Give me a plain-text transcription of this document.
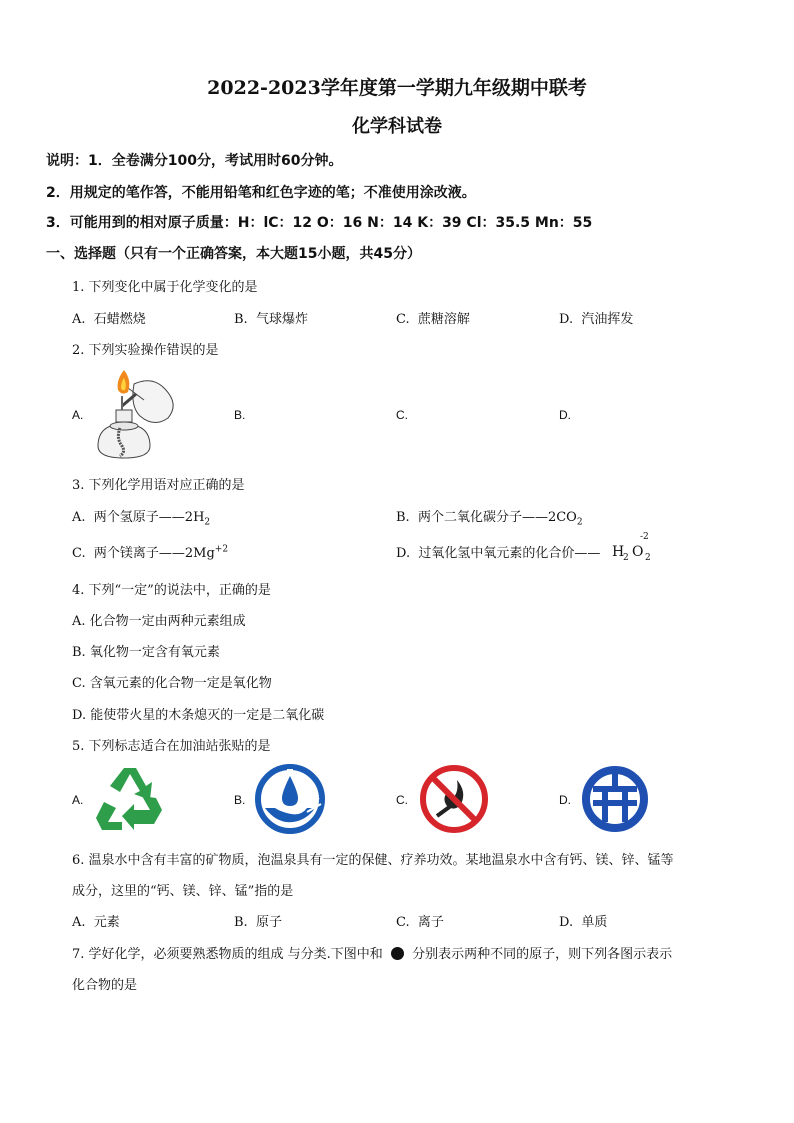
2022-2023学年度第一学期九年级期中联考
化学科试卷
说明：1．全卷满分100分，考试用时60分钟。
2．用规定的笔作答，不能用铅笔和红色字迹的笔；不准使用涂改液。
3．可能用到的相对原子质量：H：lC：12 O：16 N：14 K：39 Cl：35.5 Mn：55
一、选择题（只有一个正确答案，本大题15小题，共45分）
1. 下列变化中属于化学变化的是
A. 石蜡燃烧	B. 气球爆炸	C. 蔗糖溶解	D. 汽油挥发
2. 下列实验操作错误的是
A.	B.	C.	D.
3. 下列化学用语对应正确的是
A. 两个氢原子$——2H_2$	B. 两个二氧化碳分子$——2CO_2$
C. 两个镁离子$——2Mg^{+2}$	D. 过氧化氢中氧元素的化合价—— H
2 O 2
-2
4. 下列“一定”的说法中，正确的是
A. 化合物一定由两种元素组成
B. 氧化物一定含有氧元素
C. 含氧元素的化合物一定是氧化物
D. 能使带火星的木条熄灭的一定是二氧化碳
5. 下列标志适合在加油站张贴的是
A.	B.	C.	D.
6. 温泉水中含有丰富的矿物质，泡温泉具有一定的保健、疗养功效。某地温泉水中含有钙、镁、锌、锰等
成分，这里的“钙、镁、锌、锰”指的是
A. 元素	B. 原子	C. 离子	D. 单质
7. 学好化学，必须要熟悉物质的组成 与分类.下图中和 分别表示两种不同的原子，则下列各图示表示
化合物的是
